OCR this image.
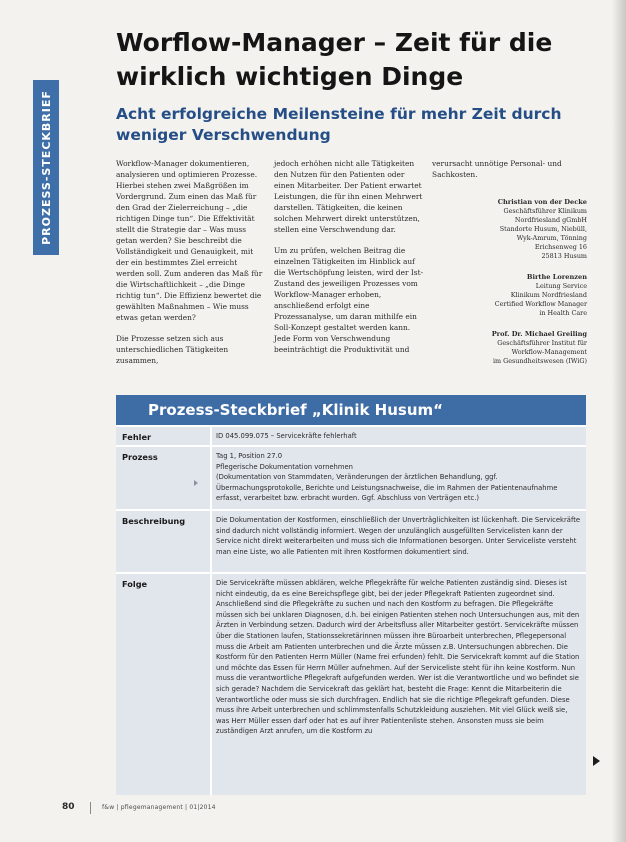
PROZESS-STECKBRIEF
Worflow-Manager – Zeit für die wirklich wichtigen Dinge
Acht erfolgreiche Meilensteine für mehr Zeit durch weniger Verschwendung

Workflow-Manager dokumentieren, analysieren und optimieren Prozesse. Hierbei stehen zwei Maßgrößen im Vordergrund. Zum einen das Maß für den Grad der Zielerreichung – „die richtigen Dinge tun“. Die Effektivität stellt die Strategie dar – Was muss getan werden? Sie beschreibt die Vollständigkeit und Genauigkeit, mit der ein bestimmtes Ziel erreicht werden soll. Zum anderen das Maß für die Wirtschaftlichkeit – „die Dinge richtig tun“. Die Effizienz bewertet die gewählten Maßnahmen – Wie muss etwas getan werden?

Die Prozesse setzen sich aus unterschiedlichen Tätigkeiten zusammen,

jedoch erhöhen nicht alle Tätigkeiten den Nutzen für den Patienten oder einen Mitarbeiter. Der Patient erwartet Leistungen, die für ihn einen Mehrwert darstellen. Tätigkeiten, die keinen solchen Mehrwert direkt unterstützen, stellen eine Verschwendung dar.

Um zu prüfen, welchen Beitrag die einzelnen Tätigkeiten im Hinblick auf die Wertschöpfung leisten, wird der Ist-Zustand des jeweiligen Prozesses vom Workflow-Manager erhoben, anschließend erfolgt eine Prozessanalyse, um daran mithilfe ein Soll-Konzept gestaltet werden kann. Jede Form von Verschwendung beeinträchtigt die Produktivität und

verursacht unnötige Personal- und Sachkosten.

Christian von der Decke
Geschäftsführer Klinikum
Nordfriesland gGmbH
Standorte Husum, Niebüll,
Wyk-Amrum, Tönning
Erichsenweg 16
25813 Husum
Birthe Lorenzen
Leitung Service
Klinikum Nordfriesland
Certified Workflow Manager
in Health Care
Prof. Dr. Michael Greiling
Geschäftsführer Institut für
Workflow-Management
im Gesundheitswesen (IWiG)
Prozess-Steckbrief „Klinik Husum“
Fehler	ID 045.099.075 – Servicekräfte fehlerhaft

Prozess	Tag 1, Position 27.0

Pflegerische Dokumentation vornehmen

(Dokumentation von Stammdaten, Veränderungen der ärztlichen Behandlung, ggf. Übermachungsprotokolle, Berichte und Leistungsnachweise, die im Rahmen der Patientenaufnahme erfasst, verarbeitet bzw. erbracht wurden. Ggf. Abschluss von Verträgen etc.)

Beschreibung	Die Dokumentation der Kostformen, einschließlich der Unverträglichkeiten ist lückenhaft. Die Servicekräfte sind dadurch nicht vollständig informiert. Wegen der unzulänglich ausgefüllten Servicelisten kann der Service nicht direkt weiterarbeiten und muss sich die Informationen besorgen. Unter Serviceliste versteht man eine Liste, wo alle Patienten mit ihren Kostformen dokumentiert sind.

Folge	Die Servicekräfte müssen abklären, welche Pflegekräfte für welche Patienten zuständig sind. Dieses ist nicht eindeutig, da es eine Bereichspflege gibt, bei der jeder Pflegekraft Patienten zugeordnet sind. Anschließend sind die Pflegekräfte zu suchen und nach den Kostform zu befragen. Die Pflegekräfte müssen sich bei unklaren Diagnosen, d.h. bei einigen Patienten stehen noch Untersuchungen aus, mit den Ärzten in Verbindung setzen. Dadurch wird der Arbeitsfluss aller Mitarbeiter gestört. Servicekräfte müssen über die Stationen laufen, Stationssekretärinnen müssen ihre Büroarbeit unterbrechen, Pflegepersonal muss die Arbeit am Patienten unterbrechen und die Ärzte müssen z.B. Untersuchungen abbrechen. Die Kostform für den Patienten Herrn Müller (Name frei erfunden) fehlt. Die Servicekraft kommt auf die Station und möchte das Essen für Herrn Müller aufnehmen. Auf der Serviceliste steht für ihn keine Kostform. Nun muss die verantwortliche Pflegekraft aufgefunden werden. Wer ist die Verantwortliche und wo befindet sie sich gerade? Nachdem die Servicekraft das geklärt hat, besteht die Frage: Kennt die Mitarbeiterin die Verantwortliche oder muss sie sich durchfragen. Endlich hat sie die richtige Pflegekraft gefunden. Diese muss ihre Arbeit unterbrechen und schlimmstenfalls Schutzkleidung ausziehen. Mit viel Glück weiß sie, was Herr Müller essen darf oder hat es auf ihrer Patientenliste stehen. Ansonsten muss sie beim zuständigen Arzt anrufen, um die Kostform zu

80	f&w | pflegemanagement | 01|2014
